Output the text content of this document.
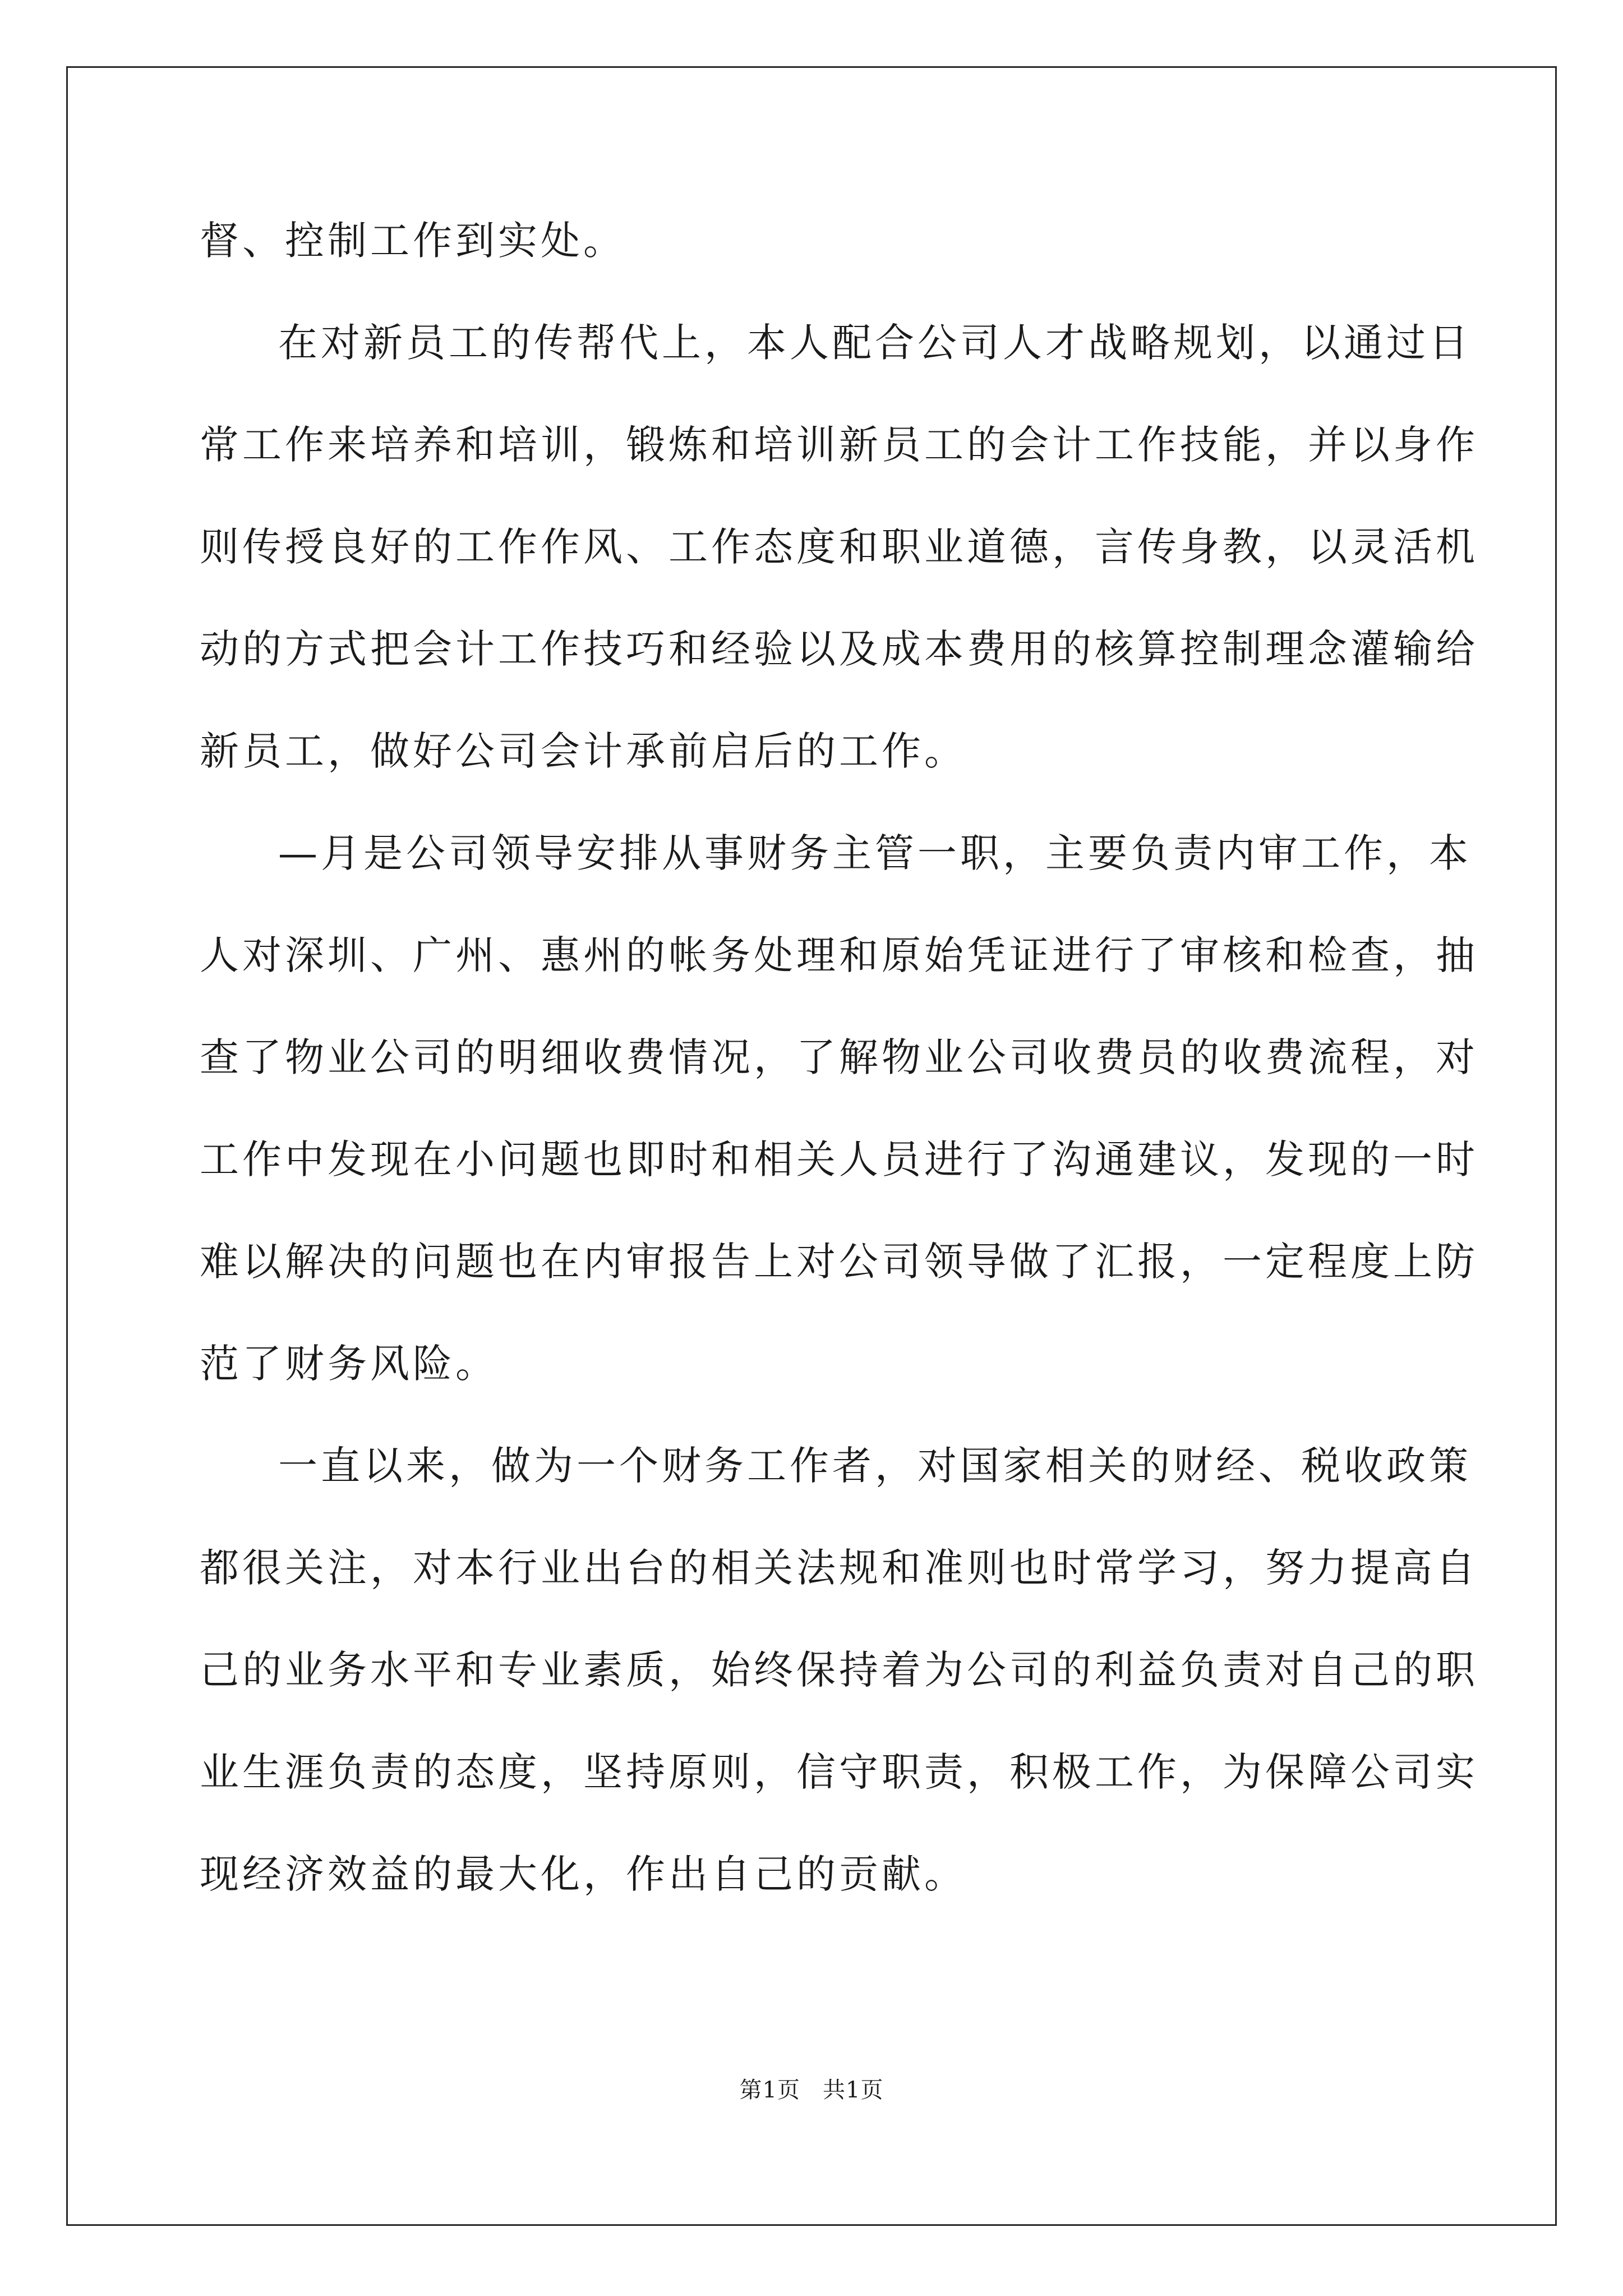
督、控制工作到实处。
在对新员工的传帮代上，本人配合公司人才战略规划，以通过日
常工作来培养和培训，锻炼和培训新员工的会计工作技能，并以身作
则传授良好的工作作风、工作态度和职业道德，言传身教，以灵活机
动的方式把会计工作技巧和经验以及成本费用的核算控制理念灌输给
新员工，做好公司会计承前启后的工作。
—月是公司领导安排从事财务主管一职，主要负责内审工作，本
人对深圳、广州、惠州的帐务处理和原始凭证进行了审核和检查，抽
查了物业公司的明细收费情况，了解物业公司收费员的收费流程，对
工作中发现在小问题也即时和相关人员进行了沟通建议，发现的一时
难以解决的问题也在内审报告上对公司领导做了汇报，一定程度上防
范了财务风险。
一直以来，做为一个财务工作者，对国家相关的财经、税收政策
都很关注，对本行业出台的相关法规和准则也时常学习，努力提高自
己的业务水平和专业素质，始终保持着为公司的利益负责对自己的职
业生涯负责的态度，坚持原则，信守职责，积极工作，为保障公司实
现经济效益的最大化，作出自己的贡献。
第1页 共1页
